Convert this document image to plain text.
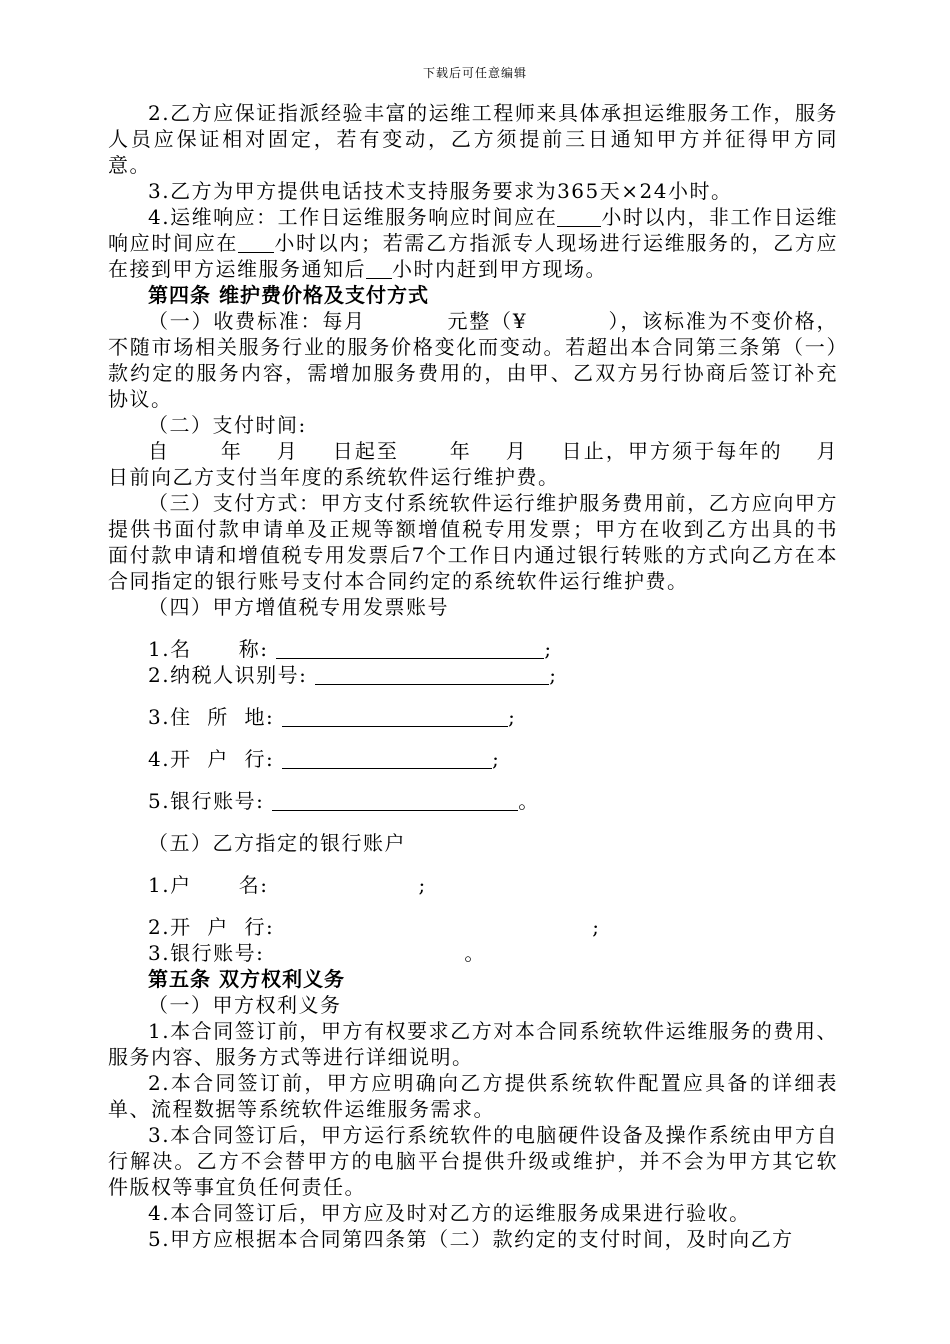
下载后可任意编辑

2.乙方应保证指派经验丰富的运维工程师来具体承担运维服务工作，服务人员应保证相对固定，若有变动，乙方须提前三日通知甲方并征得甲方同意。

3.乙方为甲方提供电话技术支持服务要求为365天×24小时。

4.运维响应：工作日运维服务响应时间应在 小时以内，非工作日运维响应时间应在 小时以内；若需乙方指派专人现场进行运维服务的，乙方应在接到甲方运维服务通知后 小时内赶到甲方现场。

第四条 维护费价格及支付方式

（一）收费标准：每月          元整（¥          ），该标准为不变价格，不随市场相关服务行业的服务价格变化而变动。若超出本合同第三条第（一）款约定的服务内容，需增加服务费用的，由甲、乙双方另行协商后签订补充协议。

（二）支付时间:

自      年    月    日起至      年    月    日止，甲方须于每年的    月    日前向乙方支付当年度的系统软件运行维护费。

（三）支付方式：甲方支付系统软件运行维护服务费用前，乙方应向甲方提供书面付款申请单及正规等额增值税专用发票；甲方在收到乙方出具的书面付款申请和增值税专用发票后7个工作日内通过银行转账的方式向乙方在本合同指定的银行账号支付本合同约定的系统软件运行维护费。

（四）甲方增值税专用发票账号

1.名      称:	;

2.纳税人识别号:	;

3.住  所  地:	;

4.开  户  行:	;

5.银行账号:	。

（五）乙方指定的银行账户

1.户      名:	;

2.开  户  行:	;

3.银行账号:	。

第五条 双方权利义务

（一）甲方权利义务

1.本合同签订前，甲方有权要求乙方对本合同系统软件运维服务的费用、服务内容、服务方式等进行详细说明。

2.本合同签订前，甲方应明确向乙方提供系统软件配置应具备的详细表单、流程数据等系统软件运维服务需求。

3.本合同签订后，甲方运行系统软件的电脑硬件设备及操作系统由甲方自行解决。乙方不会替甲方的电脑平台提供升级或维护，并不会为甲方其它软件版权等事宜负任何责任。

4.本合同签订后，甲方应及时对乙方的运维服务成果进行验收。

5.甲方应根据本合同第四条第（二）款约定的支付时间，及时向乙方
